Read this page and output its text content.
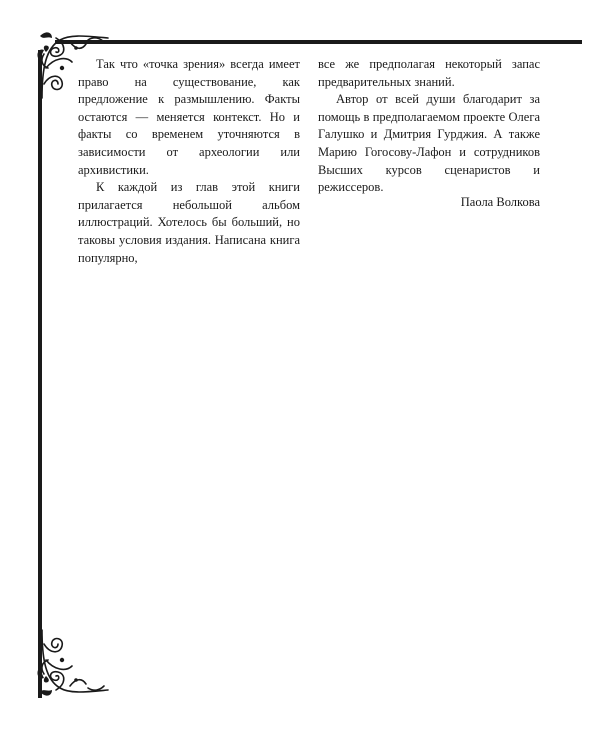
Так что «точка зрения» всегда имеет право на существование, как предложение к размышлению. Факты остаются — меняется контекст. Но и факты со временем уточняются в зависимости от археологии или архивистики.

К каждой из глав этой книги прилагается небольшой альбом иллюстраций. Хотелось бы больший, но таковы условия издания. Написана книга популярно,

все же предполагая некоторый запас предварительных знаний.

Автор от всей души благодарит за помощь в предполагаемом проекте Олега Галушко и Дмитрия Гурджия. А также Марию Гогосову-Лафон и сотрудников Высших курсов сценаристов и режиссеров.

Паола Волкова
